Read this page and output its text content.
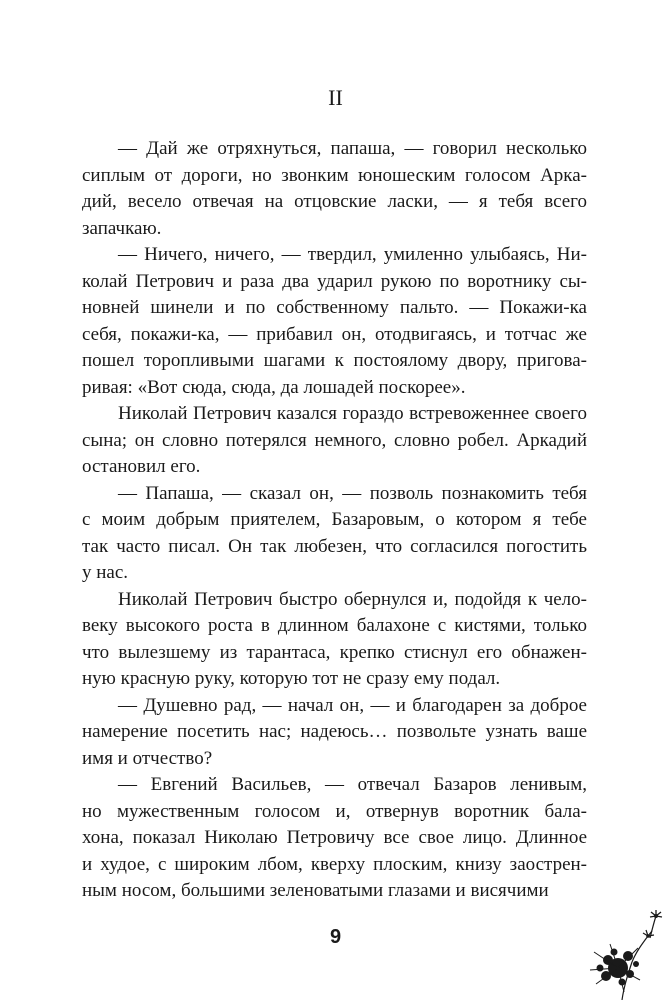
II

— Дай же отряхнуться, папаша, — говорил несколько
сиплым от дороги, но звонким юношеским голосом Арка-
дий, весело отвечая на отцовские ласки, — я тебя всего
запачкаю.

— Ничего, ничего, — твердил, умиленно улыбаясь, Ни-
колай Петрович и раза два ударил рукою по воротнику сы-
новней шинели и по собственному пальто. — Покажи-ка
себя, покажи-ка, — прибавил он, отодвигаясь, и тотчас же
пошел торопливыми шагами к постоялому двору, пригова-
ривая: «Вот сюда, сюда, да лошадей поскорее».

Николай Петрович казался гораздо встревоженнее своего
сына; он словно потерялся немного, словно робел. Аркадий
остановил его.

— Папаша, — сказал он, — позволь познакомить тебя
с моим добрым приятелем, Базаровым, о котором я тебе
так часто писал. Он так любезен, что согласился погостить
у нас.

Николай Петрович быстро обернулся и, подойдя к чело-
веку высокого роста в длинном балахоне с кистями, только
что вылезшему из тарантаса, крепко стиснул его обнажен-
ную красную руку, которую тот не сразу ему подал.

— Душевно рад, — начал он, — и благодарен за доброе
намерение посетить нас; надеюсь… позвольте узнать ваше
имя и отчество?

— Евгений Васильев, — отвечал Базаров ленивым,
но мужественным голосом и, отвернув воротник бала-
хона, показал Николаю Петровичу все свое лицо. Длинное
и худое, с широким лбом, кверху плоским, книзу заострен-
ным носом, большими зеленоватыми глазами и висячими

9
